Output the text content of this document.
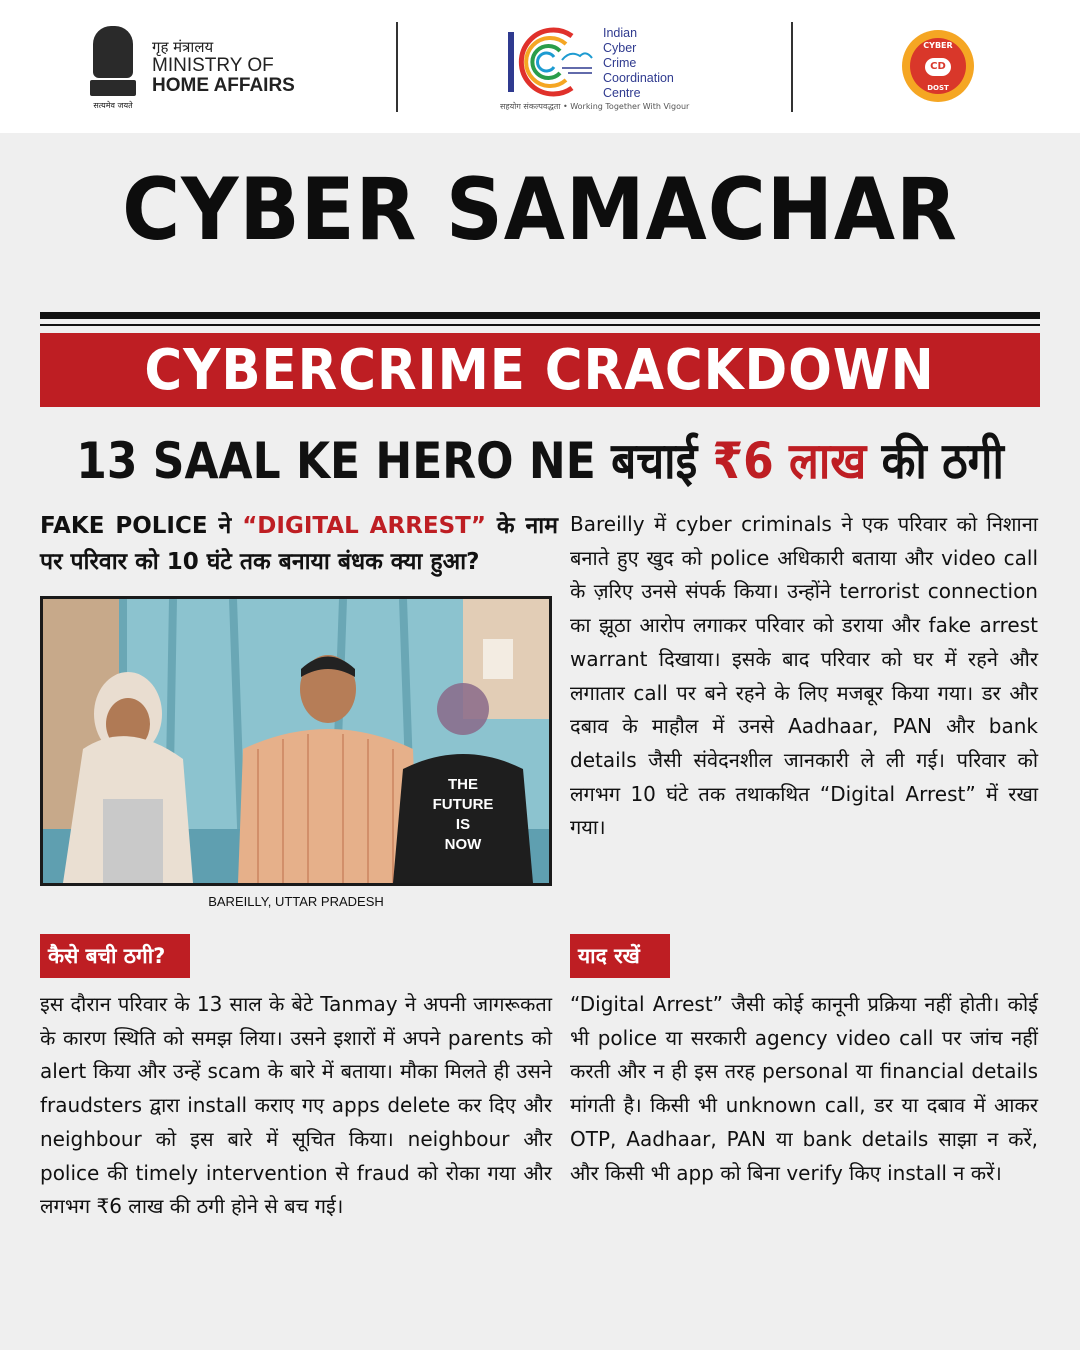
सत्यमेव जयते
गृह मंत्रालय
MINISTRY OF
HOME AFFAIRS
Indian
Cyber
Crime
Coordination
Centre
सहयोग संकल्पवद्धता • Working Together With Vigour
CYBER
CD
DOST
CYBER SAMACHAR
CYBERCRIME CRACKDOWN
13 SAAL KE HERO NE बचाई ₹6 लाख की ठगी
FAKE POLICE ने “DIGITAL ARREST” के नाम पर परिवार को 10 घंटे तक बनाया बंधक क्या हुआ?
THE
FUTURE
IS
NOW
BAREILLY, UTTAR PRADESH
Bareilly में cyber criminals ने एक परिवार को निशाना बनाते हुए खुद को police अधिकारी बताया और video call के ज़रिए उनसे संपर्क किया। उन्होंने terrorist connection का झूठा आरोप लगाकर परिवार को डराया और fake arrest warrant दिखाया। इसके बाद परिवार को घर में रहने और लगातार call पर बने रहने के लिए मजबूर किया गया। डर और दबाव के माहौल में उनसे Aadhaar, PAN और bank details जैसी संवेदनशील जानकारी ले ली गई। परिवार को लगभग 10 घंटे तक तथाकथित “Digital Arrest” में रखा गया।
कैसे बची ठगी?	याद रखें
इस दौरान परिवार के 13 साल के बेटे Tanmay ने अपनी जागरूकता के कारण स्थिति को समझ लिया। उसने इशारों में अपने parents को alert किया और उन्हें scam के बारे में बताया। मौका मिलते ही उसने fraudsters द्वारा install कराए गए apps delete कर दिए और neighbour को इस बारे में सूचित किया। neighbour और police की timely intervention से fraud को रोका गया और लगभग ₹6 लाख की ठगी होने से बच गई।
“Digital Arrest” जैसी कोई कानूनी प्रक्रिया नहीं होती। कोई भी police या सरकारी agency video call पर जांच नहीं करती और न ही इस तरह personal या financial details मांगती है। किसी भी unknown call, डर या दबाव में आकर OTP, Aadhaar, PAN या bank details साझा न करें, और किसी भी app को बिना verify किए install न करें।
